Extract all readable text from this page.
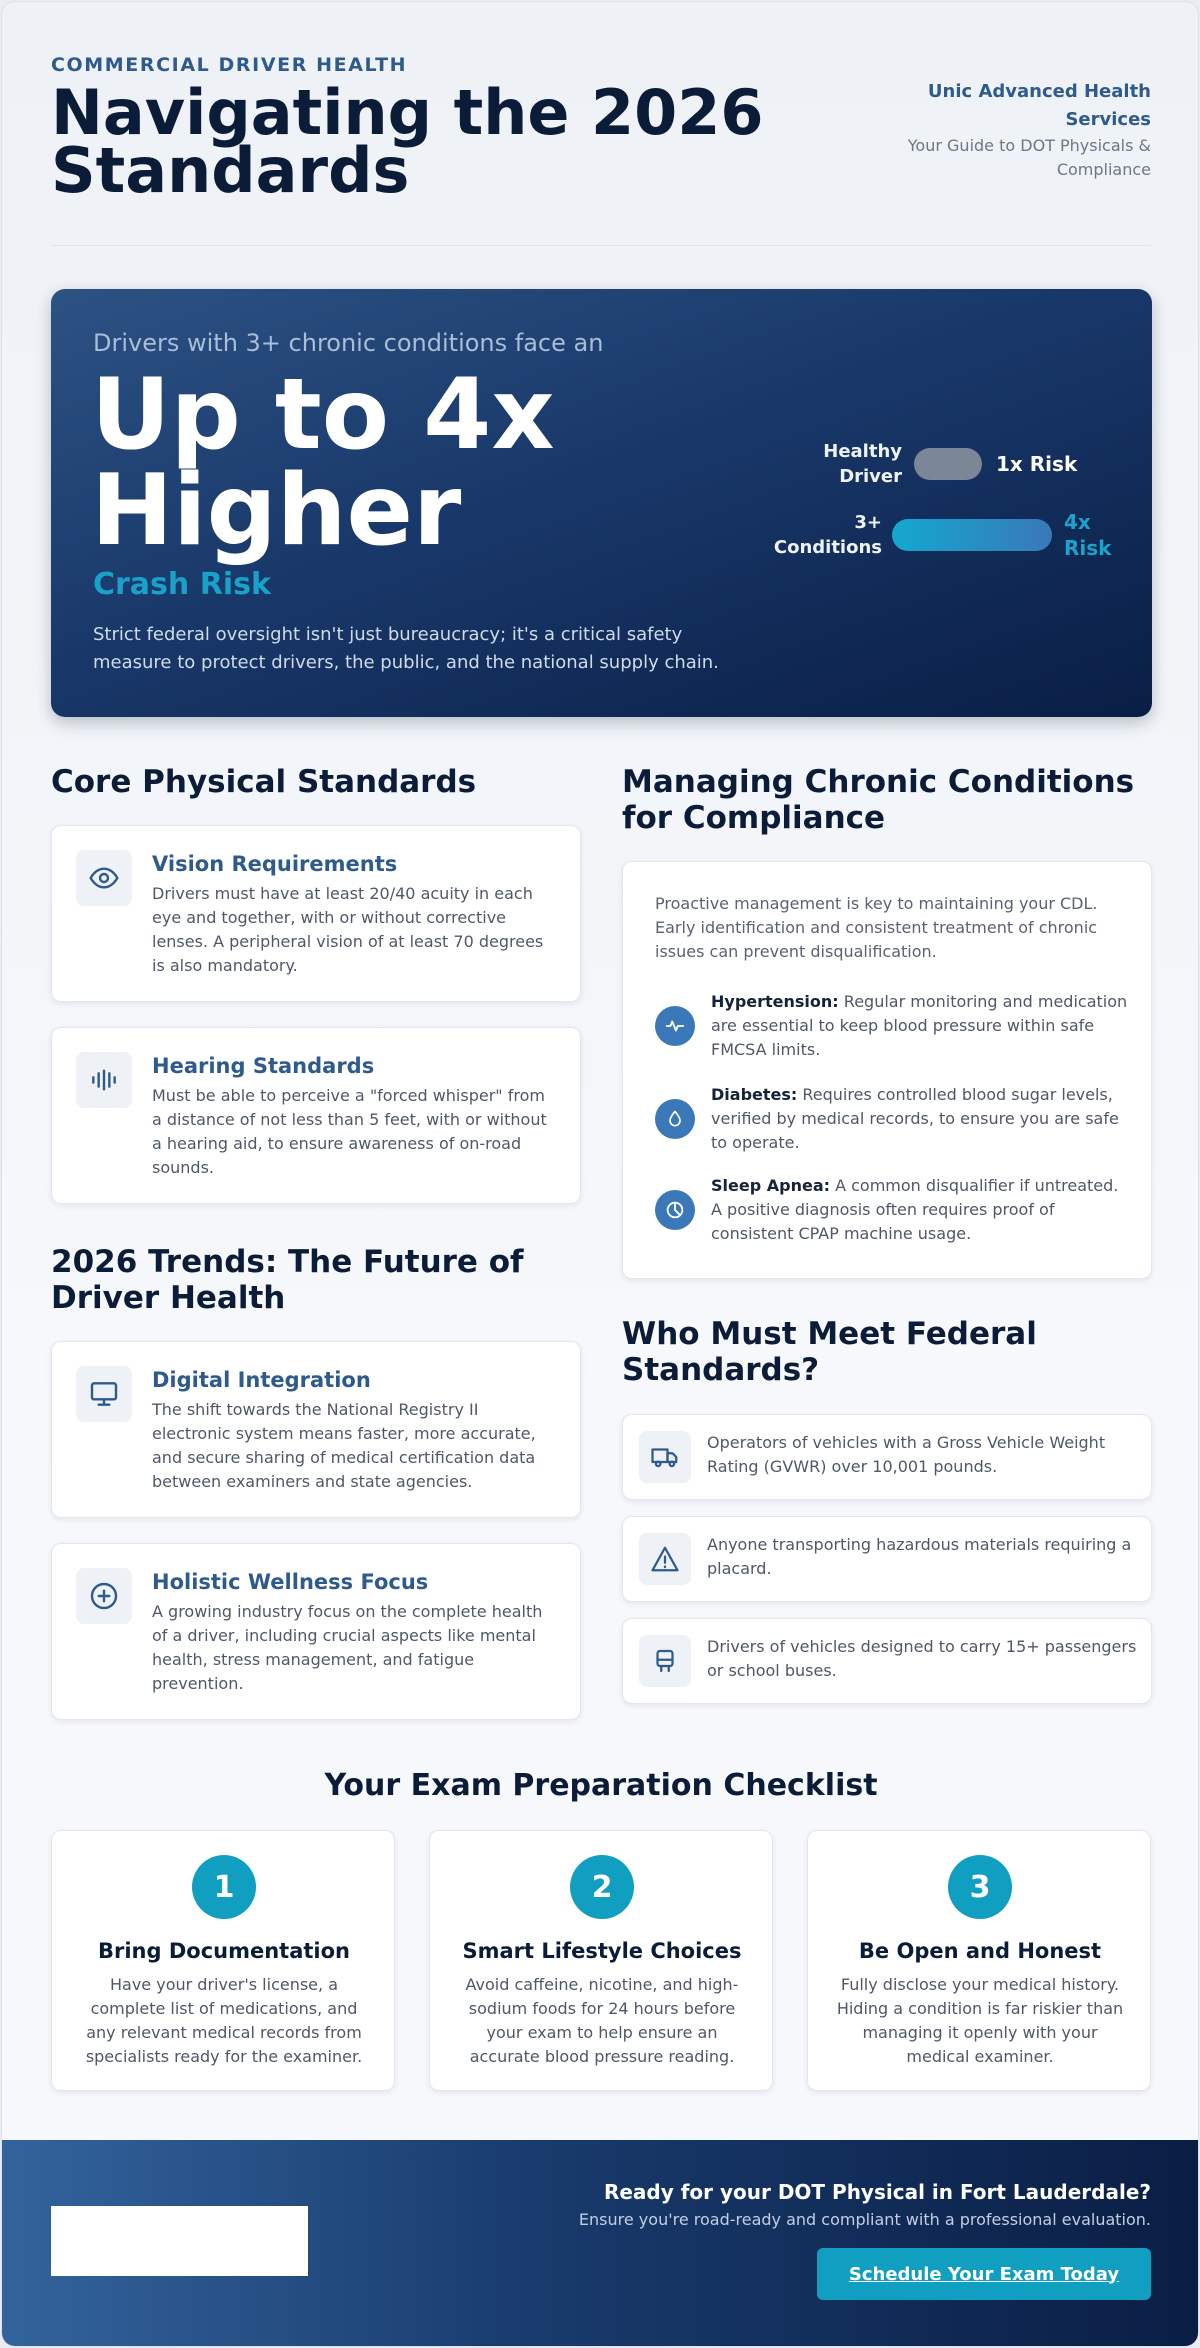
COMMERCIAL DRIVER HEALTH
Navigating the 2026 Standards
Unic Advanced Health Services
Your Guide to DOT Physicals & Compliance
Drivers with 3+ chronic conditions face an
Up to 4x Higher
Crash Risk
Strict federal oversight isn't just bureaucracy; it's a critical safety measure to protect drivers, the public, and the national supply chain.
Healthy Driver
1x Risk
3+ Conditions
4x Risk
Core Physical Standards
Vision Requirements
Drivers must have at least 20/40 acuity in each eye and together, with or without corrective lenses. A peripheral vision of at least 70 degrees is also mandatory.
Hearing Standards
Must be able to perceive a "forced whisper" from a distance of not less than 5 feet, with or without a hearing aid, to ensure awareness of on-road sounds.
2026 Trends: The Future of Driver Health
Digital Integration
The shift towards the National Registry II electronic system means faster, more accurate, and secure sharing of medical certification data between examiners and state agencies.
Holistic Wellness Focus
A growing industry focus on the complete health of a driver, including crucial aspects like mental health, stress management, and fatigue prevention.
Managing Chronic Conditions for Compliance
Proactive management is key to maintaining your CDL. Early identification and consistent treatment of chronic issues can prevent disqualification.
Hypertension: Regular monitoring and medication are essential to keep blood pressure within safe FMCSA limits.
Diabetes: Requires controlled blood sugar levels, verified by medical records, to ensure you are safe to operate.
Sleep Apnea: A common disqualifier if untreated. A positive diagnosis often requires proof of consistent CPAP machine usage.
Who Must Meet Federal Standards?
Operators of vehicles with a Gross Vehicle Weight Rating (GVWR) over 10,001 pounds.
Anyone transporting hazardous materials requiring a placard.
Drivers of vehicles designed to carry 15+ passengers or school buses.
Your Exam Preparation Checklist
1
Bring Documentation
Have your driver's license, a complete list of medications, and any relevant medical records from specialists ready for the examiner.
2
Smart Lifestyle Choices
Avoid caffeine, nicotine, and high-sodium foods for 24 hours before your exam to help ensure an accurate blood pressure reading.
3
Be Open and Honest
Fully disclose your medical history. Hiding a condition is far riskier than managing it openly with your medical examiner.
Ready for your DOT Physical in Fort Lauderdale?
Ensure you're road-ready and compliant with a professional evaluation.
Schedule Your Exam Today
